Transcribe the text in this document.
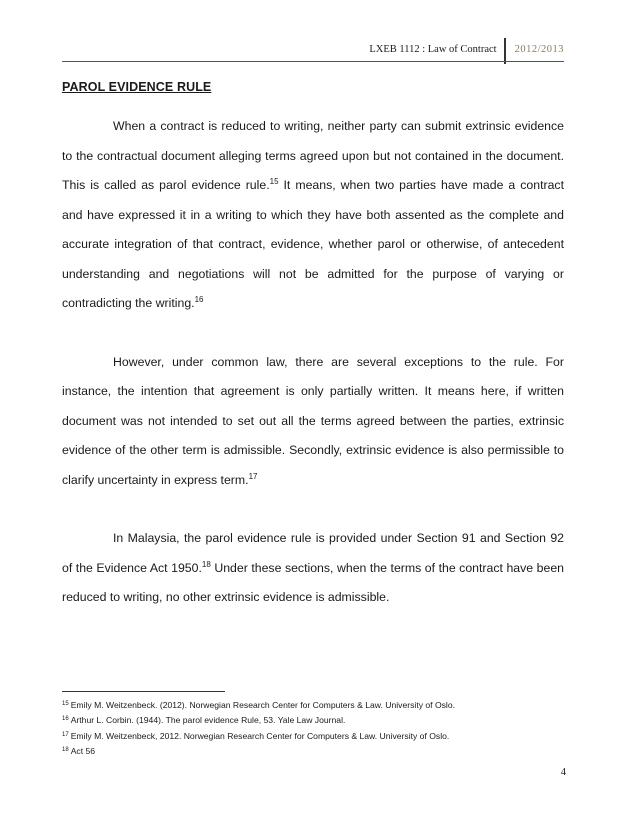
LXEB 1112 : Law of Contract	2012/2013
PAROL EVIDENCE RULE

When a contract is reduced to writing, neither party can submit extrinsic evidence to the contractual document alleging terms agreed upon but not contained in the document. This is called as parol evidence rule.$^{15}$ It means, when two parties have made a contract and have expressed it in a writing to which they have both assented as the complete and accurate integration of that contract, evidence, whether parol or otherwise, of antecedent understanding and negotiations will not be admitted for the purpose of varying or contradicting the writing.$^{16}$

However, under common law, there are several exceptions to the rule. For instance, the intention that agreement is only partially written. It means here, if written document was not intended to set out all the terms agreed between the parties, extrinsic evidence of the other term is admissible. Secondly, extrinsic evidence is also permissible to clarify uncertainty in express term.$^{17}$

In Malaysia, the parol evidence rule is provided under Section 91 and Section 92 of the Evidence Act 1950.18 Under these sections, when the terms of the contract have been reduced to writing, no other extrinsic evidence is admissible.

$^{15}$ Emily M. Weitzenbeck. (2012). Norwegian Research Center for Computers & Law. University of Oslo.
$^{16}$ Arthur L. Corbin. (1944). The parol evidence Rule, 53. Yale Law Journal.
$^{17}$ Emily M. Weitzenbeck, 2012. Norwegian Research Center for Computers & Law. University of Oslo.
$^{18}$ Act 56
4
